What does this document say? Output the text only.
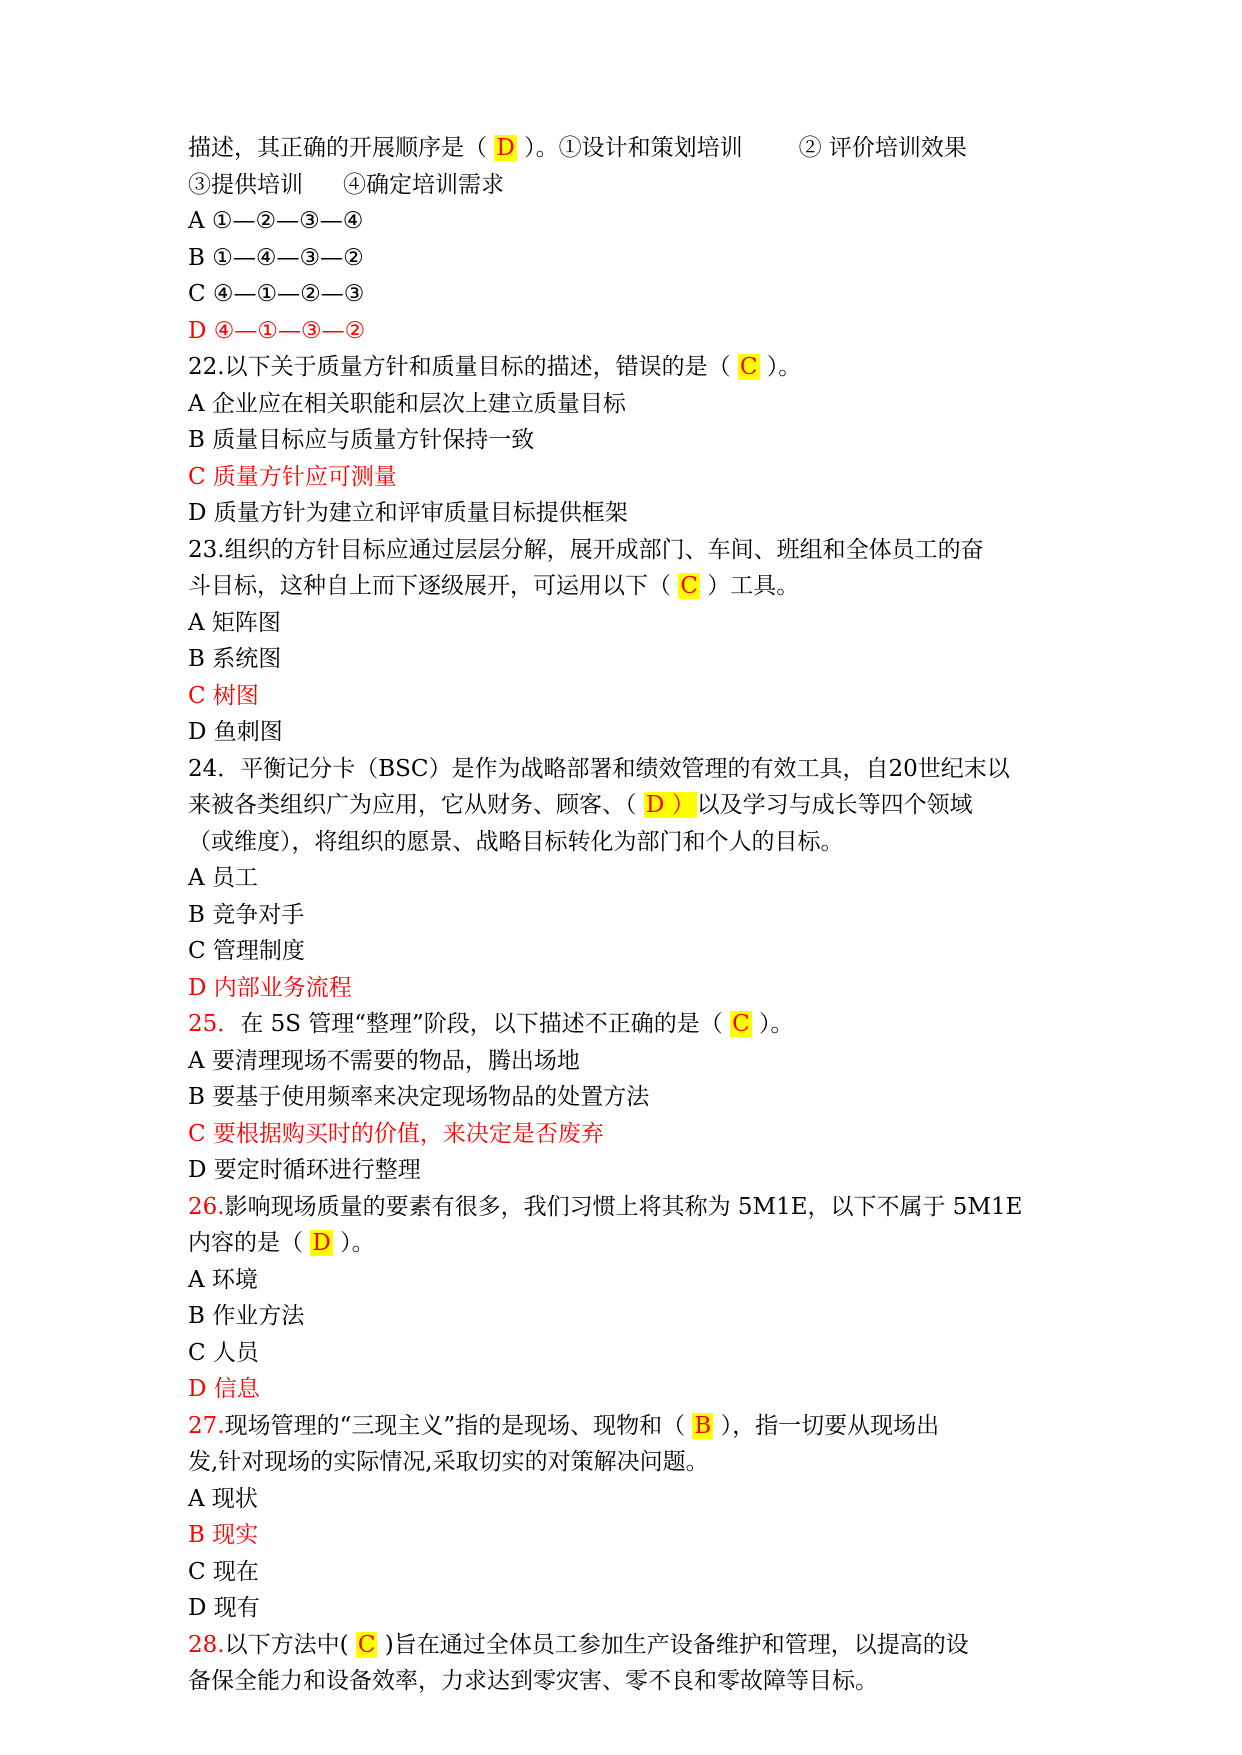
描述，其正确的开展顺序是（ D ）。①设计和策划培训 ② 评价培训效果
③提供培训 ④确定培训需求
A ①—②—③—④
B ①—④—③—②
C ④—①—②—③
D ④—①—③—②
22.以下关于质量方针和质量目标的描述，错误的是（ C ）。
A 企业应在相关职能和层次上建立质量目标
B 质量目标应与质量方针保持一致
C 质量方针应可测量
D 质量方针为建立和评审质量目标提供框架
23.组织的方针目标应通过层层分解，展开成部门、车间、班组和全体员工的奋
斗目标，这种自上而下逐级展开，可运用以下（ C ）工具。
A 矩阵图
B 系统图
C 树图
D 鱼刺图
24．平衡记分卡（BSC）是作为战略部署和绩效管理的有效工具，自20世纪末以
来被各类组织广为应用，它从财务、顾客、（ D ）以及学习与成长等四个领域
（或维度），将组织的愿景、战略目标转化为部门和个人的目标。
A 员工
B 竞争对手
C 管理制度
D 内部业务流程
25．在 5S 管理“整理”阶段，以下描述不正确的是（ C ）。
A 要清理现场不需要的物品，腾出场地
B 要基于使用频率来决定现场物品的处置方法
C 要根据购买时的价值，来决定是否废弃
D 要定时循环进行整理
26.影响现场质量的要素有很多，我们习惯上将其称为 5M1E，以下不属于 5M1E
内容的是（ D ）。
A 环境
B 作业方法
C 人员
D 信息
27.现场管理的“三现主义”指的是现场、现物和（ B ），指一切要从现场出
发,针对现场的实际情况,采取切实的对策解决问题。
A 现状
B 现实
C 现在
D 现有
28.以下方法中( C )旨在通过全体员工参加生产设备维护和管理，以提高的设
备保全能力和设备效率，力求达到零灾害、零不良和零故障等目标。
